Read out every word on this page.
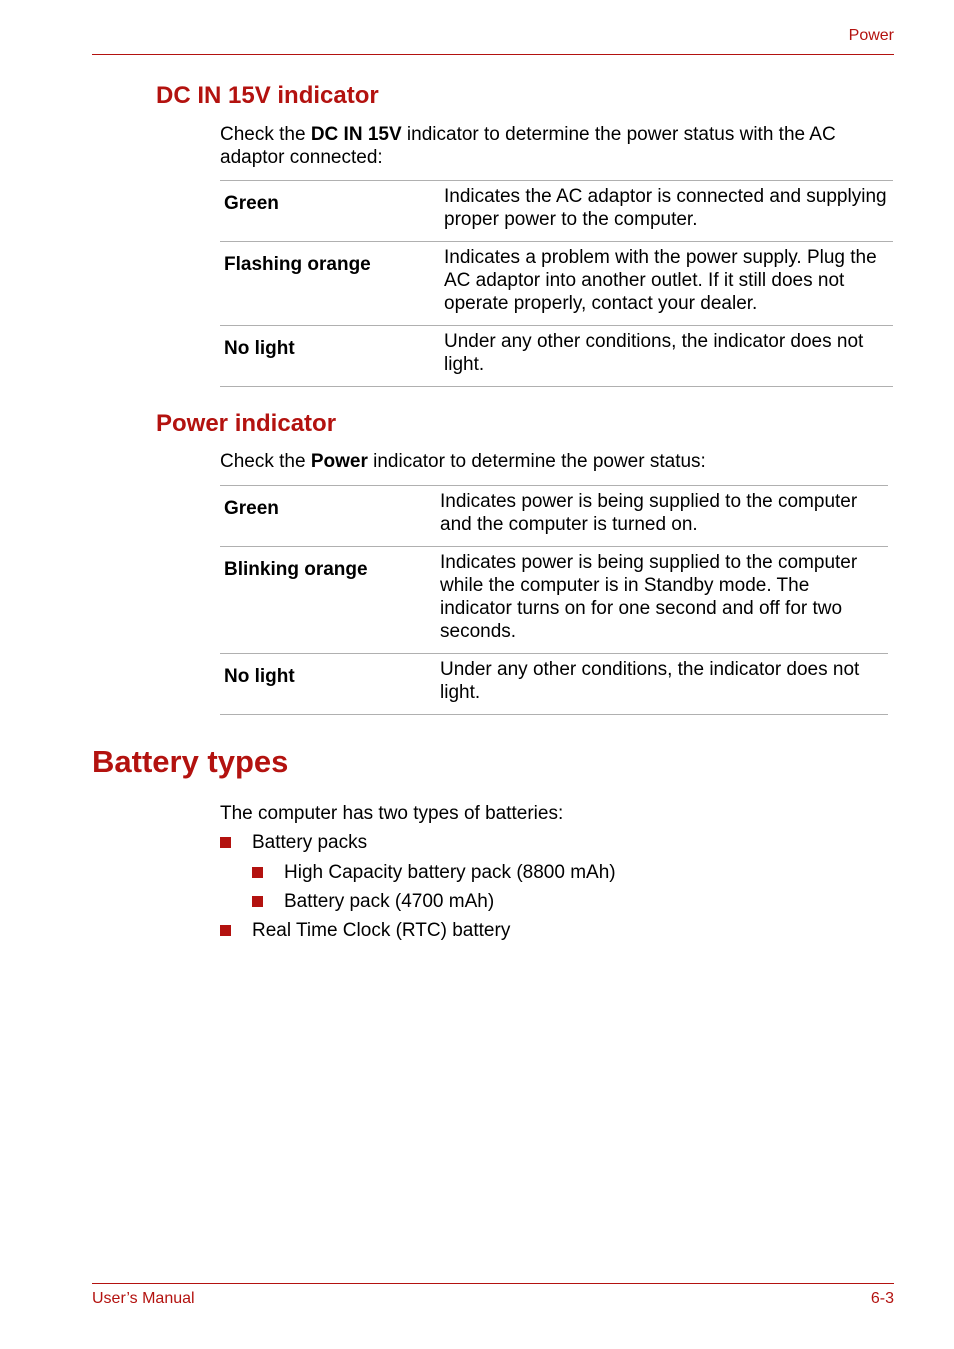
Power
DC IN 15V indicator

Check the DC IN 15V indicator to determine the power status with the AC adaptor connected:

Green	Indicates the AC adaptor is connected and supplying proper power to the computer.
Flashing orange	Indicates a problem with the power supply. Plug the AC adaptor into another outlet. If it still does not operate properly, contact your dealer.
No light	Under any other conditions, the indicator does not light.
Power indicator

Check the Power indicator to determine the power status:

Green	Indicates power is being supplied to the computer and the computer is turned on.
Blinking orange	Indicates power is being supplied to the computer while the computer is in Standby mode. The indicator turns on for one second and off for two seconds.
No light	Under any other conditions, the indicator does not light.
Battery types

The computer has two types of batteries:

Battery packs
High Capacity battery pack (8800 mAh)
Battery pack (4700 mAh)
Real Time Clock (RTC) battery
User’s Manual	6-3
